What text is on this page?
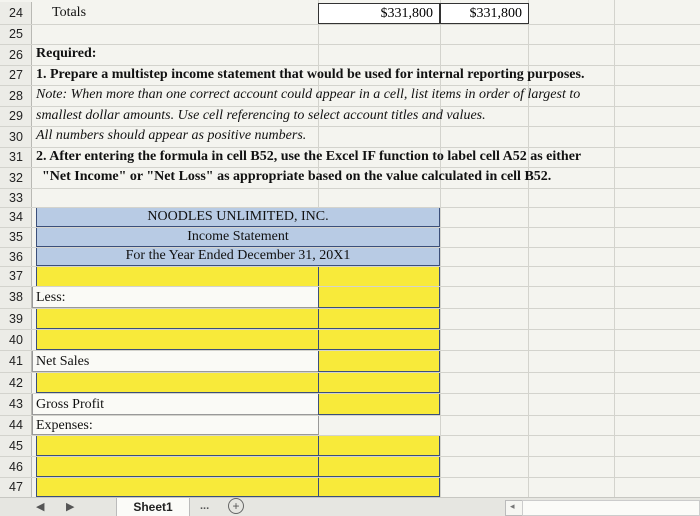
24	Totals	$331,800	$331,800
25
26 Required:
27 1. Prepare a multistep income statement that would be used for internal reporting purposes.
28 Note: When more than one correct account could appear in a cell, list items in order of largest to
29 smallest dollar amounts. Use cell referencing to select account titles and values.
30 All numbers should appear as positive numbers.
31 2. After entering the formula in cell B52, use the Excel IF function to label cell A52 as either
32	"Net Income" or "Net Loss" as appropriate based on the value calculated in cell B52.
33
34	NOODLES UNLIMITED, INC.
35	Income Statement
36	For the Year Ended December 31, 20X1
37
38 Less:
39
40
41 Net Sales
42
43 Gross Profit
44 Expenses:
45
46
47
◀ ▶	Sheet1	...	+	◂
